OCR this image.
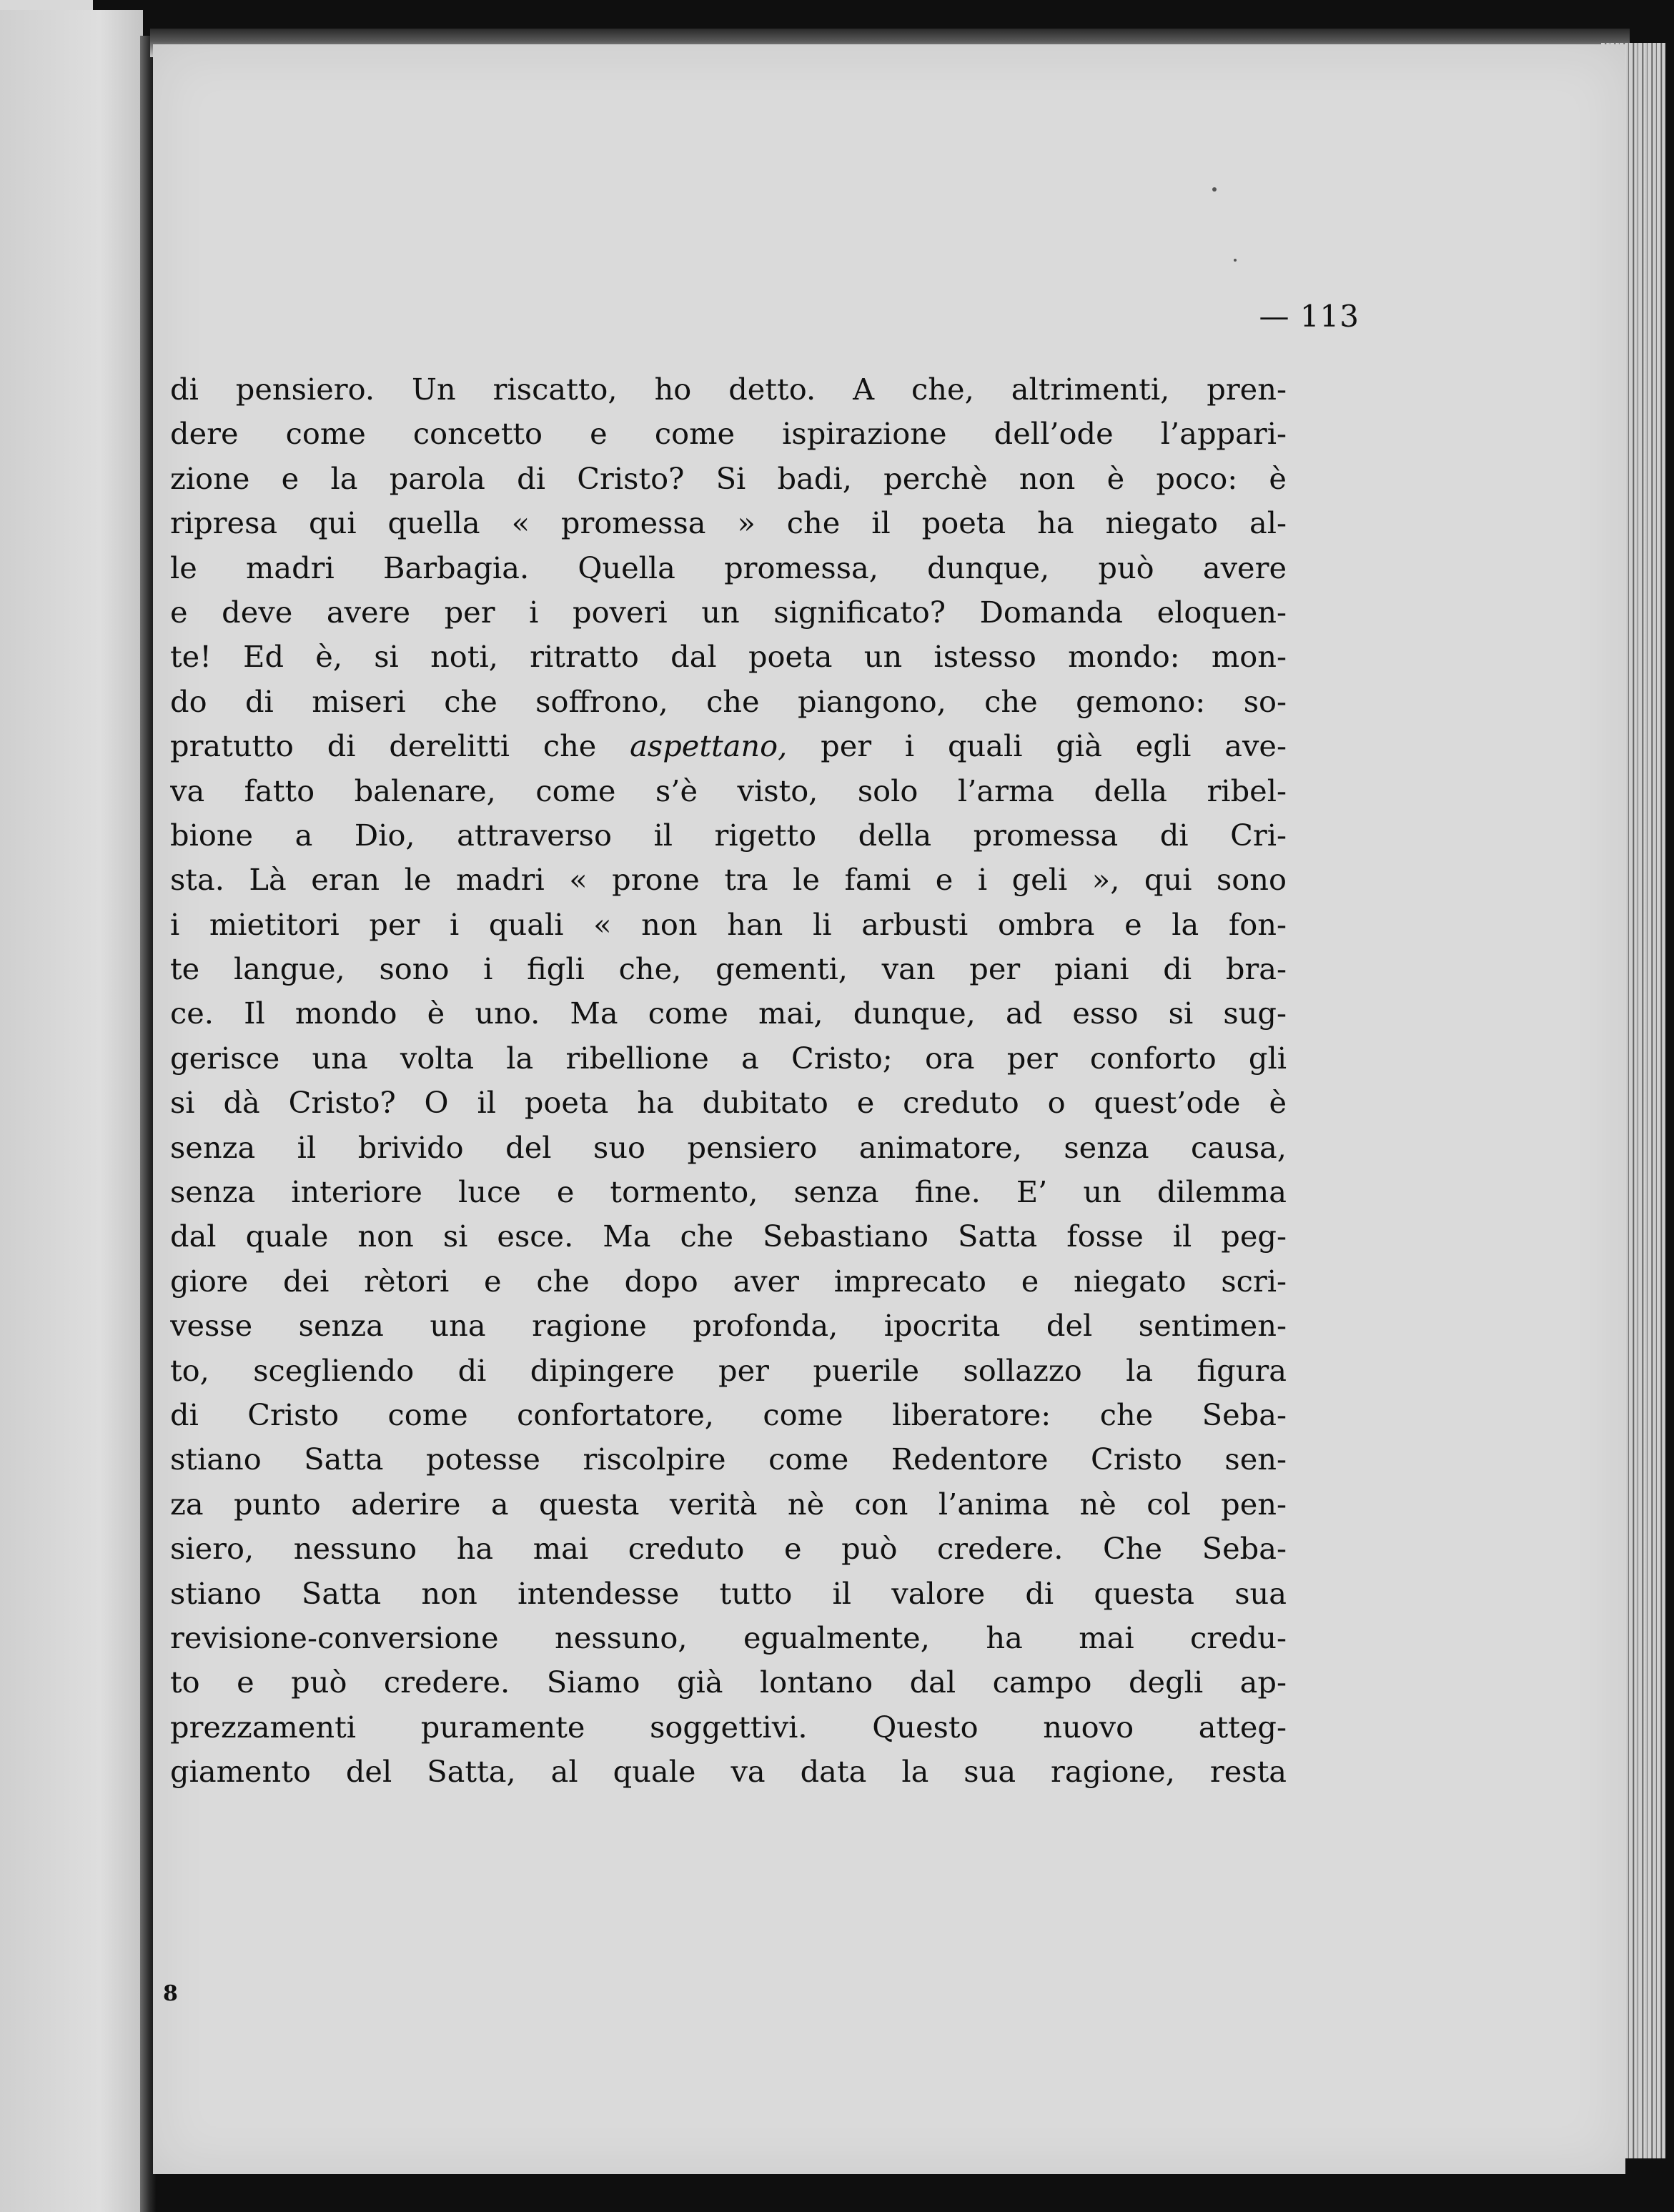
— 113
di pensiero. Un riscatto, ho detto. A che, altrimenti, pren-
dere come concetto e come ispirazione dell’ode l’appari-
zione e la parola di Cristo? Si badi, perchè non è poco: è
ripresa qui quella « promessa » che il poeta ha niegato al-
le madri Barbagia. Quella promessa, dunque, può avere
e deve avere per i poveri un significato? Domanda eloquen-
te! Ed è, si noti, ritratto dal poeta un istesso mondo: mon-
do di miseri che soffrono, che piangono, che gemono: so-
pratutto di derelitti che aspettano, per i quali già egli ave-
va fatto balenare, come s’è visto, solo l’arma della ribel-
bione a Dio, attraverso il rigetto della promessa di Cri-
sta. Là eran le madri « prone tra le fami e i geli », qui sono
i mietitori per i quali « non han li arbusti ombra e la fon-
te langue, sono i figli che, gementi, van per piani di bra-
ce. Il mondo è uno. Ma come mai, dunque, ad esso si sug-
gerisce una volta la ribellione a Cristo; ora per conforto gli
si dà Cristo? O il poeta ha dubitato e creduto o quest’ode è
senza il brivido del suo pensiero animatore, senza causa,
senza interiore luce e tormento, senza fine. E’ un dilemma
dal quale non si esce. Ma che Sebastiano Satta fosse il peg-
giore dei rètori e che dopo aver imprecato e niegato scri-
vesse senza una ragione profonda, ipocrita del sentimen-
to, scegliendo di dipingere per puerile sollazzo la figura
di Cristo come confortatore, come liberatore: che Seba-
stiano Satta potesse riscolpire come Redentore Cristo sen-
za punto aderire a questa verità nè con l’anima nè col pen-
siero, nessuno ha mai creduto e può credere. Che Seba-
stiano Satta non intendesse tutto il valore di questa sua
revisione-conversione nessuno, egualmente, ha mai credu-
to e può credere. Siamo già lontano dal campo degli ap-
prezzamenti puramente soggettivi. Questo nuovo atteg-
giamento del Satta, al quale va data la sua ragione, resta
8
